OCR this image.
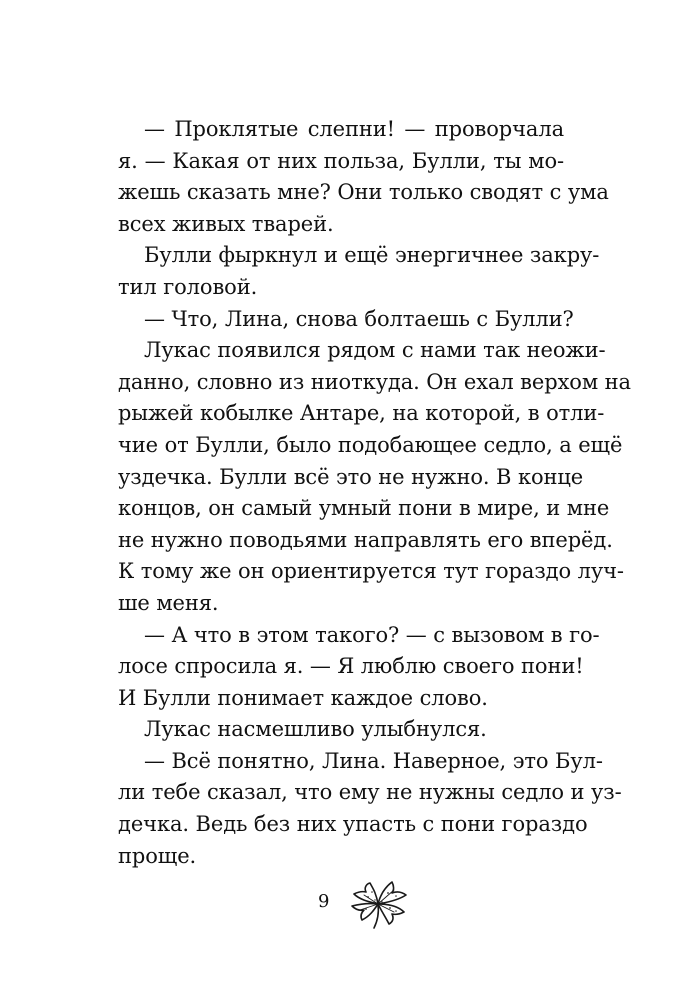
— Проклятые слепни! — проворчала
я. — Какая от них польза, Булли, ты мо-
жешь сказать мне? Они только сводят с ума
всех живых тварей.
Булли фыркнул и ещё энергичнее закру-
тил головой.
— Что, Лина, снова болтаешь с Булли?
Лукас появился рядом с нами так неожи-
данно, словно из ниоткуда. Он ехал верхом на
рыжей кобылке Антаре, на которой, в отли-
чие от Булли, было подобающее седло, а ещё
уздечка. Булли всё это не нужно. В конце
концов, он самый умный пони в мире, и мне
не нужно поводьями направлять его вперёд.
К тому же он ориентируется тут гораздо луч-
ше меня.
— А что в этом такого? — с вызовом в го-
лосе спросила я. — Я люблю своего пони!
И Булли понимает каждое слово.
Лукас насмешливо улыбнулся.
— Всё понятно, Лина. Наверное, это Бул-
ли тебе сказал, что ему не нужны седло и уз-
дечка. Ведь без них упасть с пони гораздо
проще.
9
